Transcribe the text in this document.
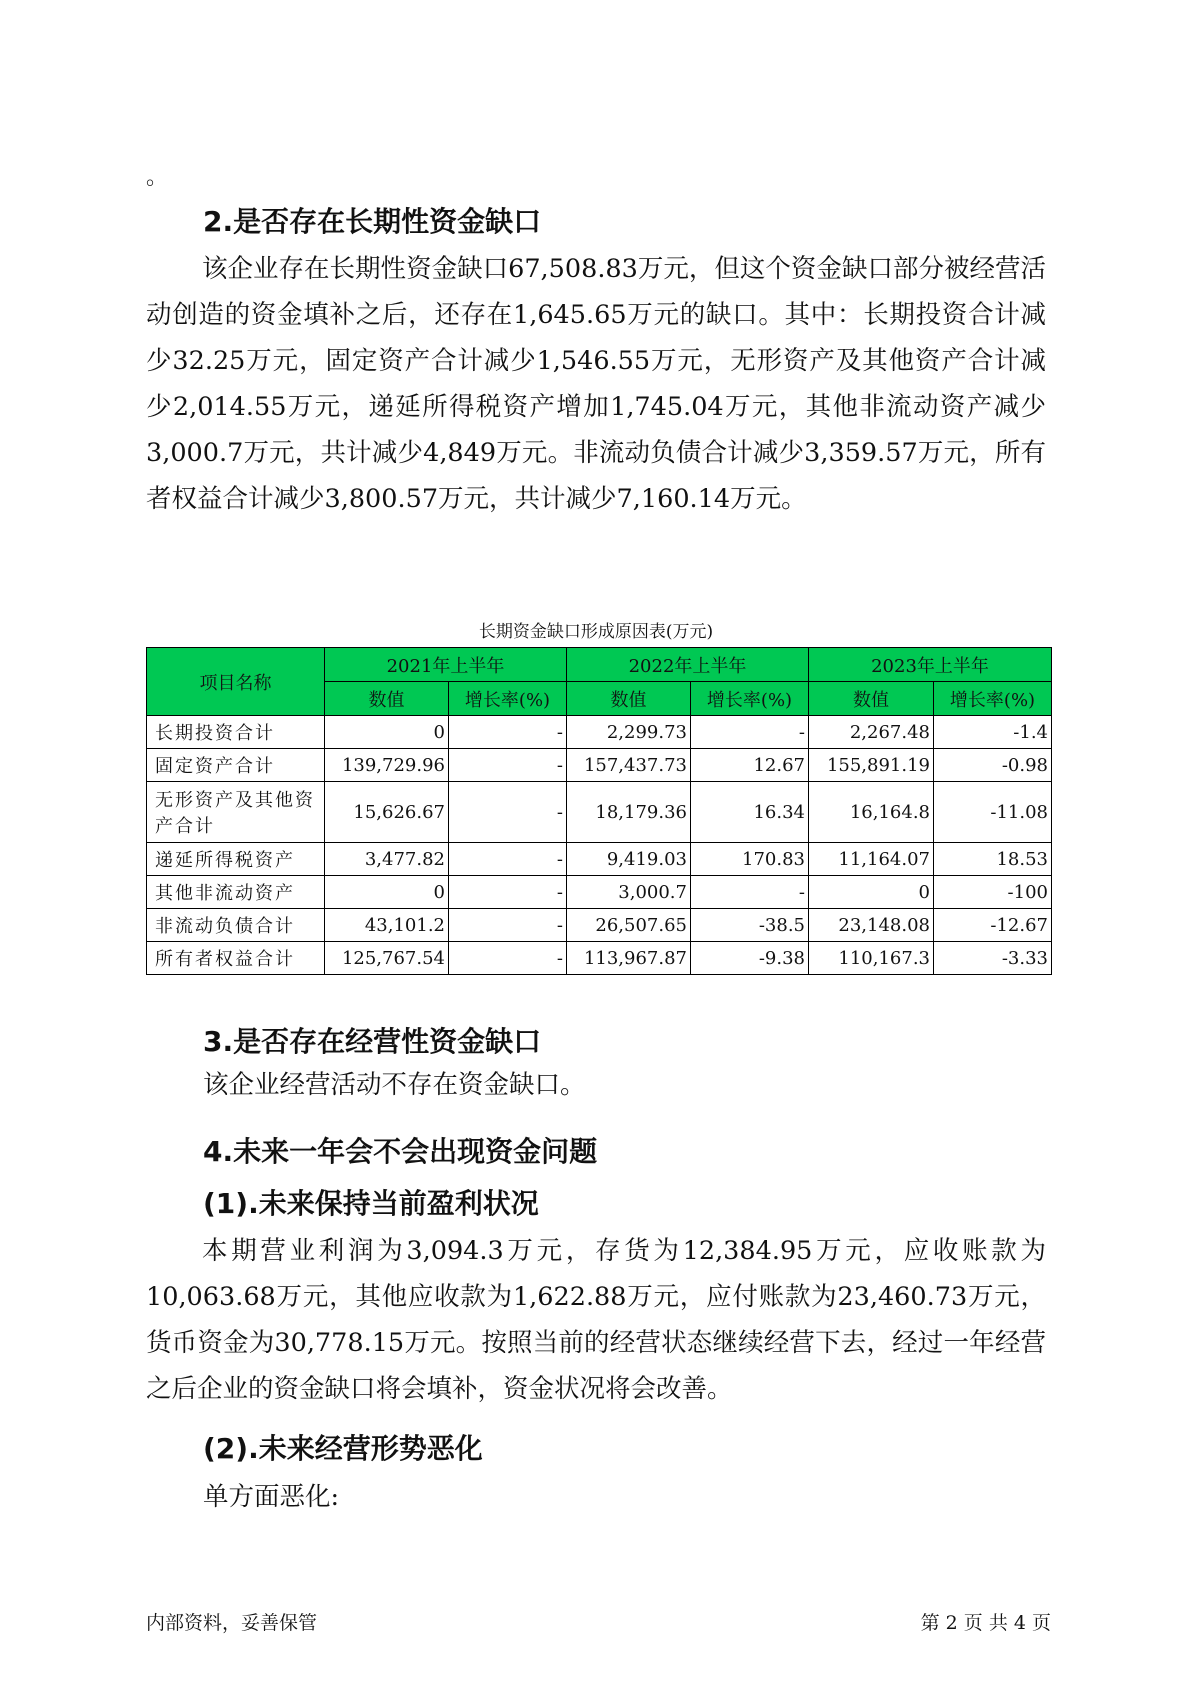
。
2.是否存在长期性资金缺口

该企业存在长期性资金缺口67,508.83万元，但这个资金缺口部分被经营活动创造的资金填补之后，还存在1,645.65万元的缺口。其中：长期投资合计减少32.25万元，固定资产合计减少1,546.55万元，无形资产及其他资产合计减少2,014.55万元，递延所得税资产增加1,745.04万元，其他非流动资产减少3,000.7万元，共计减少4,849万元。非流动负债合计减少3,359.57万元，所有者权益合计减少3,800.57万元，共计减少7,160.14万元。

长期资金缺口形成原因表(万元)
项目名称	2021年上半年		2022年上半年		2023年上半年	
	数值	增长率(%)	数值	增长率(%)	数值	增长率(%)
长期投资合计	0	-	2,299.73	-	2,267.48	-1.4
固定资产合计	139,729.96	-	157,437.73	12.67	155,891.19	-0.98
无形资产及其他资产合计	15,626.67	-	18,179.36	16.34	16,164.8	-11.08
递延所得税资产	3,477.82	-	9,419.03	170.83	11,164.07	18.53
其他非流动资产	0	-	3,000.7	-	0	-100
非流动负债合计	43,101.2	-	26,507.65	-38.5	23,148.08	-12.67
所有者权益合计	125,767.54	-	113,967.87	-9.38	110,167.3	-3.33
3.是否存在经营性资金缺口

该企业经营活动不存在资金缺口。

4.未来一年会不会出现资金问题
(1).未来保持当前盈利状况

本期营业利润为3,094.3万元，存货为12,384.95万元，应收账款为10,063.68万元，其他应收款为1,622.88万元，应付账款为23,460.73万元，货币资金为30,778.15万元。按照当前的经营状态继续经营下去，经过一年经营之后企业的资金缺口将会填补，资金状况将会改善。

(2).未来经营形势恶化

单方面恶化:

内部资料，妥善保管	第 2 页 共 4 页
